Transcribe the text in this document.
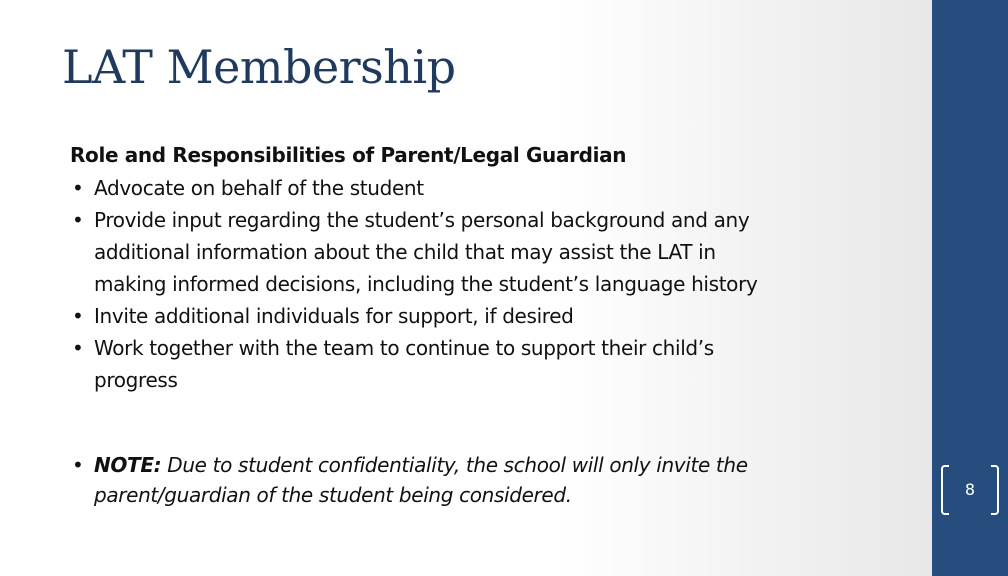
LAT Membership
Role and Responsibilities of Parent/Legal Guardian
• Advocate on behalf of the student
• Provide input regarding the student’s personal background and any
additional information about the child that may assist the LAT in
making informed decisions, including the student’s language history
• Invite additional individuals for support, if desired
• Work together with the team to continue to support their child’s
progress
• NOTE: Due to student confidentiality, the school will only invite the
parent/guardian of the student being considered.	8
